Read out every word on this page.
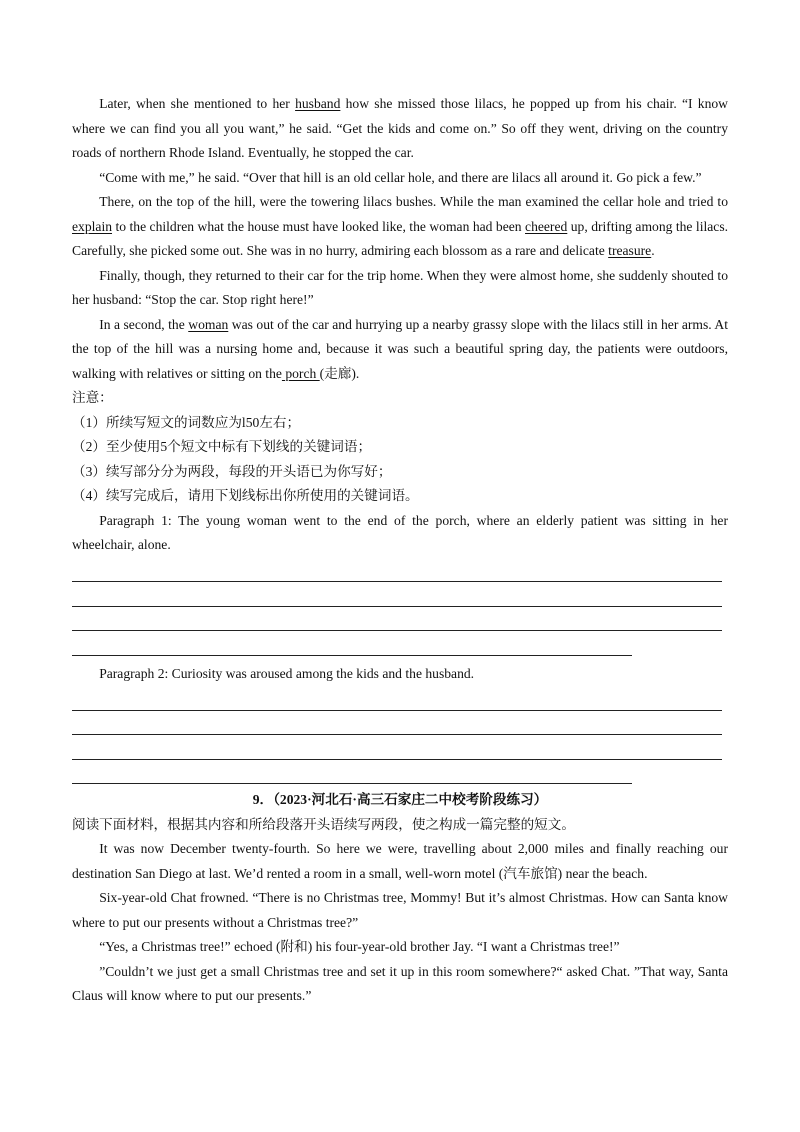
Later, when she mentioned to her husband how she missed those lilacs, he popped up from his chair. “I know where we can find you all you want,” he said. “Get the kids and come on.” So off they went, driving on the country roads of northern Rhode Island. Eventually, he stopped the car.

“Come with me,” he said. “Over that hill is an old cellar hole, and there are lilacs all around it. Go pick a few.”

There, on the top of the hill, were the towering lilacs bushes. While the man examined the cellar hole and tried to explain to the children what the house must have looked like, the woman had been cheered up, drifting among the lilacs. Carefully, she picked some out. She was in no hurry, admiring each blossom as a rare and delicate treasure.

Finally, though, they returned to their car for the trip home. When they were almost home, she suddenly shouted to her husband: “Stop the car. Stop right here!”

In a second, the woman was out of the car and hurrying up a nearby grassy slope with the lilacs still in her arms. At the top of the hill was a nursing home and, because it was such a beautiful spring day, the patients were outdoors, walking with relatives or sitting on the porch (走廊).

注意：

（1）所续写短文的词数应为l50左右；

（2）至少使用5个短文中标有下划线的关键词语；

（3）续写部分分为两段，每段的开头语已为你写好；

（4）续写完成后，请用下划线标出你所使用的关键词语。

Paragraph 1: The young woman went to the end of the porch, where an elderly patient was sitting in her wheelchair, alone.

Paragraph 2: Curiosity was aroused among the kids and the husband.

9．（2023·河北石·高三石家庄二中校考阶段练习）

阅读下面材料，根据其内容和所给段落开头语续写两段，使之构成一篇完整的短文。

It was now December twenty-fourth. So here we were, travelling about 2,000 miles and finally reaching our destination San Diego at last. We’d rented a room in a small, well-worn motel (汽车旅馆) near the beach.

Six-year-old Chat frowned. “There is no Christmas tree, Mommy! But it’s almost Christmas. How can Santa know where to put our presents without a Christmas tree?”

“Yes, a Christmas tree!” echoed (附和) his four-year-old brother Jay. “I want a Christmas tree!”

”Couldn’t we just get a small Christmas tree and set it up in this room somewhere?“ asked Chat. ”That way, Santa Claus will know where to put our presents.”
